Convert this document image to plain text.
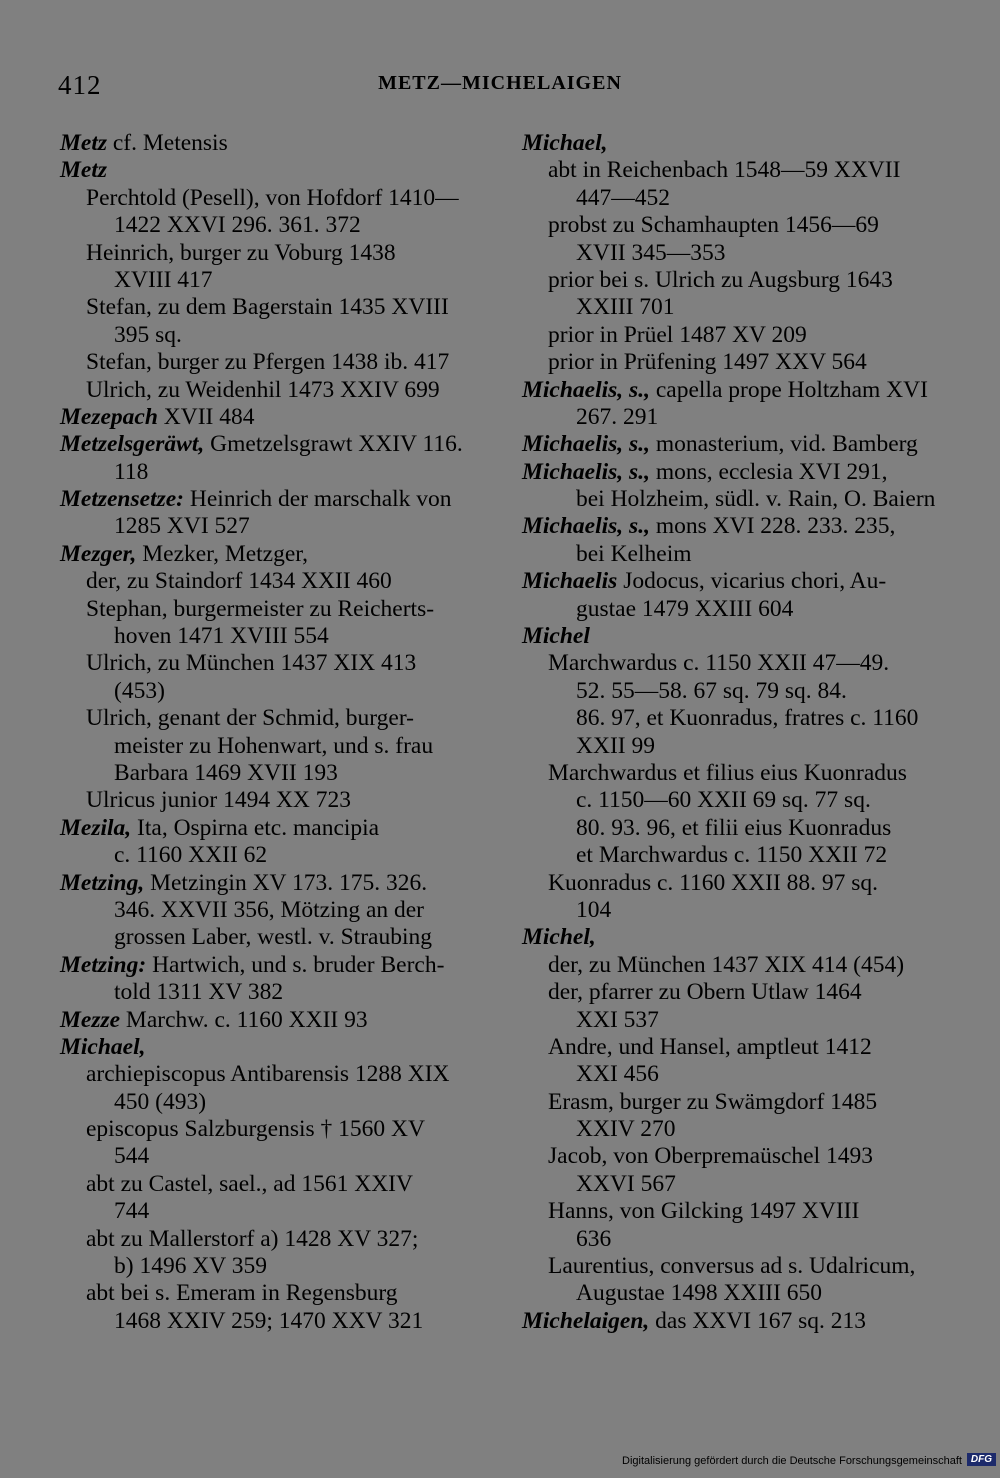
412	METZ—MICHELAIGEN
Metz cf. Metensis
Metz
Perchtold (Pesell), von Hofdorf 1410—
1422 XXVI 296. 361. 372
Heinrich, burger zu Voburg 1438
XVIII 417
Stefan, zu dem Bagerstain 1435 XVIII
395 sq.
Stefan, burger zu Pfergen 1438 ib. 417
Ulrich, zu Weidenhil 1473 XXIV 699
Mezepach XVII 484
Metzelsgeräwt, Gmetzelsgrawt XXIV 116.
118
Metzensetze: Heinrich der marschalk von
1285 XVI 527
Mezger, Mezker, Metzger,
der, zu Staindorf 1434 XXII 460
Stephan, burgermeister zu Reicherts-
hoven 1471 XVIII 554
Ulrich, zu München 1437 XIX 413
(453)
Ulrich, genant der Schmid, burger-
meister zu Hohenwart, und s. frau
Barbara 1469 XVII 193
Ulricus junior 1494 XX 723
Mezila, Ita, Ospirna etc. mancipia
c. 1160 XXII 62
Metzing, Metzingin XV 173. 175. 326.
346. XXVII 356, Mötzing an der
grossen Laber, westl. v. Straubing
Metzing: Hartwich, und s. bruder Berch-
told 1311 XV 382
Mezze Marchw. c. 1160 XXII 93
Michael,
archiepiscopus Antibarensis 1288 XIX
450 (493)
episcopus Salzburgensis † 1560 XV
544
abt zu Castel, sael., ad 1561 XXIV
744
abt zu Mallerstorf a) 1428 XV 327;
b) 1496 XV 359
abt bei s. Emeram in Regensburg
1468 XXIV 259; 1470 XXV 321
Michael,
abt in Reichenbach 1548—59 XXVII
447—452
probst zu Schamhaupten 1456—69
XVII 345—353
prior bei s. Ulrich zu Augsburg 1643
XXIII 701
prior in Prüel 1487 XV 209
prior in Prüfening 1497 XXV 564
Michaelis, s., capella prope Holtzham XVI
267. 291
Michaelis, s., monasterium, vid. Bamberg
Michaelis, s., mons, ecclesia XVI 291,
bei Holzheim, südl. v. Rain, O. Baiern
Michaelis, s., mons XVI 228. 233. 235,
bei Kelheim
Michaelis Jodocus, vicarius chori, Au-
gustae 1479 XXIII 604
Michel
Marchwardus c. 1150 XXII 47—49.
52. 55—58. 67 sq. 79 sq. 84.
86. 97, et Kuonradus, fratres c. 1160
XXII 99
Marchwardus et filius eius Kuonradus
c. 1150—60 XXII 69 sq. 77 sq.
80. 93. 96, et filii eius Kuonradus
et Marchwardus c. 1150 XXII 72
Kuonradus c. 1160 XXII 88. 97 sq.
104
Michel,
der, zu München 1437 XIX 414 (454)
der, pfarrer zu Obern Utlaw 1464
XXI 537
Andre, und Hansel, amptleut 1412
XXI 456
Erasm, burger zu Swämgdorf 1485
XXIV 270
Jacob, von Oberpremaüschel 1493
XXVI 567
Hanns, von Gilcking 1497 XVIII
636
Laurentius, conversus ad s. Udalricum,
Augustae 1498 XXIII 650
Michelaigen, das XXVI 167 sq. 213
Digitalisierung gefördert durch die Deutsche Forschungsgemeinschaft DFG
